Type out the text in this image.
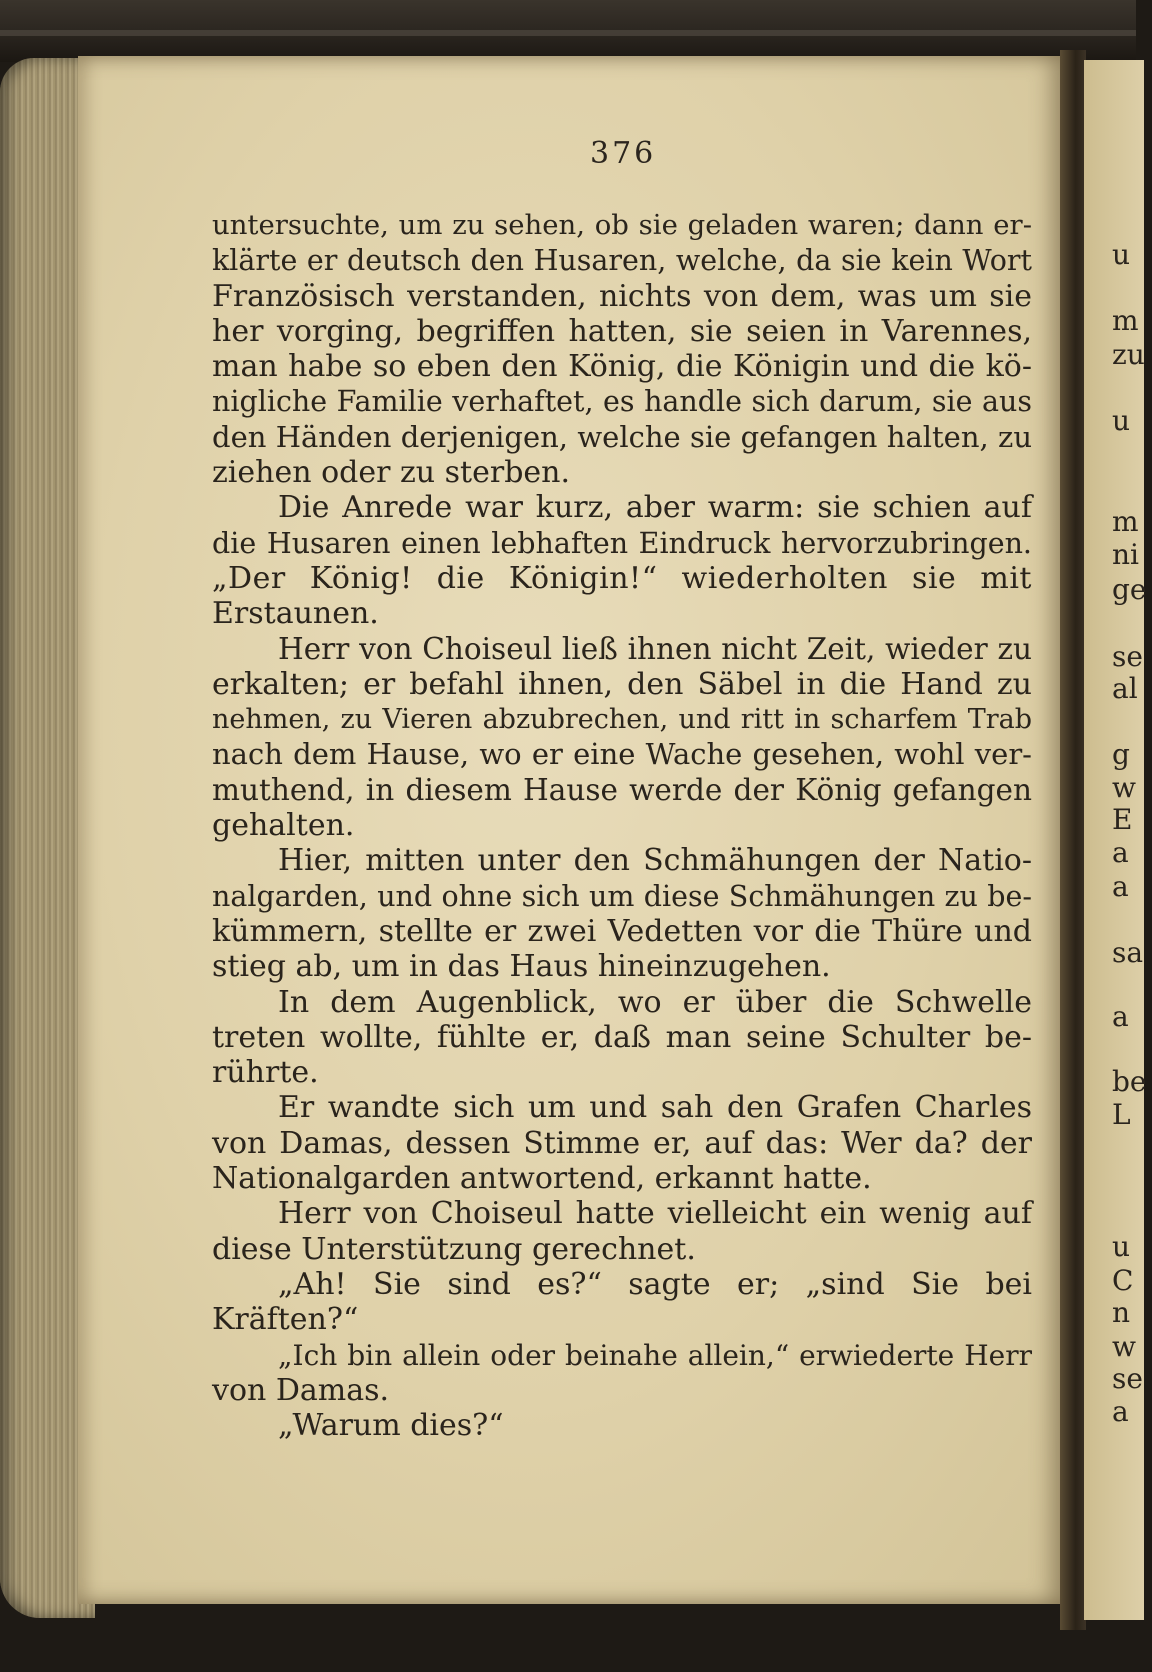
u
m
zu
u
m
ni
ge
se
al
g
w
E
a
a
sa
a
be
L
u
C
n
w
se
a
376
untersuchte, um zu sehen, ob sie geladen waren; dann er-
klärte er deutsch den Husaren, welche, da sie kein Wort
Französisch verstanden, nichts von dem, was um sie
her vorging, begriffen hatten, sie seien in Varennes,
man habe so eben den König, die Königin und die kö-
nigliche Familie verhaftet, es handle sich darum, sie aus
den Händen derjenigen, welche sie gefangen halten, zu
ziehen oder zu sterben.
Die Anrede war kurz, aber warm: sie schien auf
die Husaren einen lebhaften Eindruck hervorzubringen.
„Der König! die Königin!“ wiederholten sie mit
Erstaunen.
Herr von Choiseul ließ ihnen nicht Zeit, wieder zu
erkalten; er befahl ihnen, den Säbel in die Hand zu
nehmen, zu Vieren abzubrechen, und ritt in scharfem Trab
nach dem Hause, wo er eine Wache gesehen, wohl ver-
muthend, in diesem Hause werde der König gefangen
gehalten.
Hier, mitten unter den Schmähungen der Natio-
nalgarden, und ohne sich um diese Schmähungen zu be-
kümmern, stellte er zwei Vedetten vor die Thüre und
stieg ab, um in das Haus hineinzugehen.
In dem Augenblick, wo er über die Schwelle
treten wollte, fühlte er, daß man seine Schulter be-
rührte.
Er wandte sich um und sah den Grafen Charles
von Damas, dessen Stimme er, auf das: Wer da? der
Nationalgarden antwortend, erkannt hatte.
Herr von Choiseul hatte vielleicht ein wenig auf
diese Unterstützung gerechnet.
„Ah! Sie sind es?“ sagte er; „sind Sie bei
Kräften?“
„Ich bin allein oder beinahe allein,“ erwiederte Herr
von Damas.
„Warum dies?“
